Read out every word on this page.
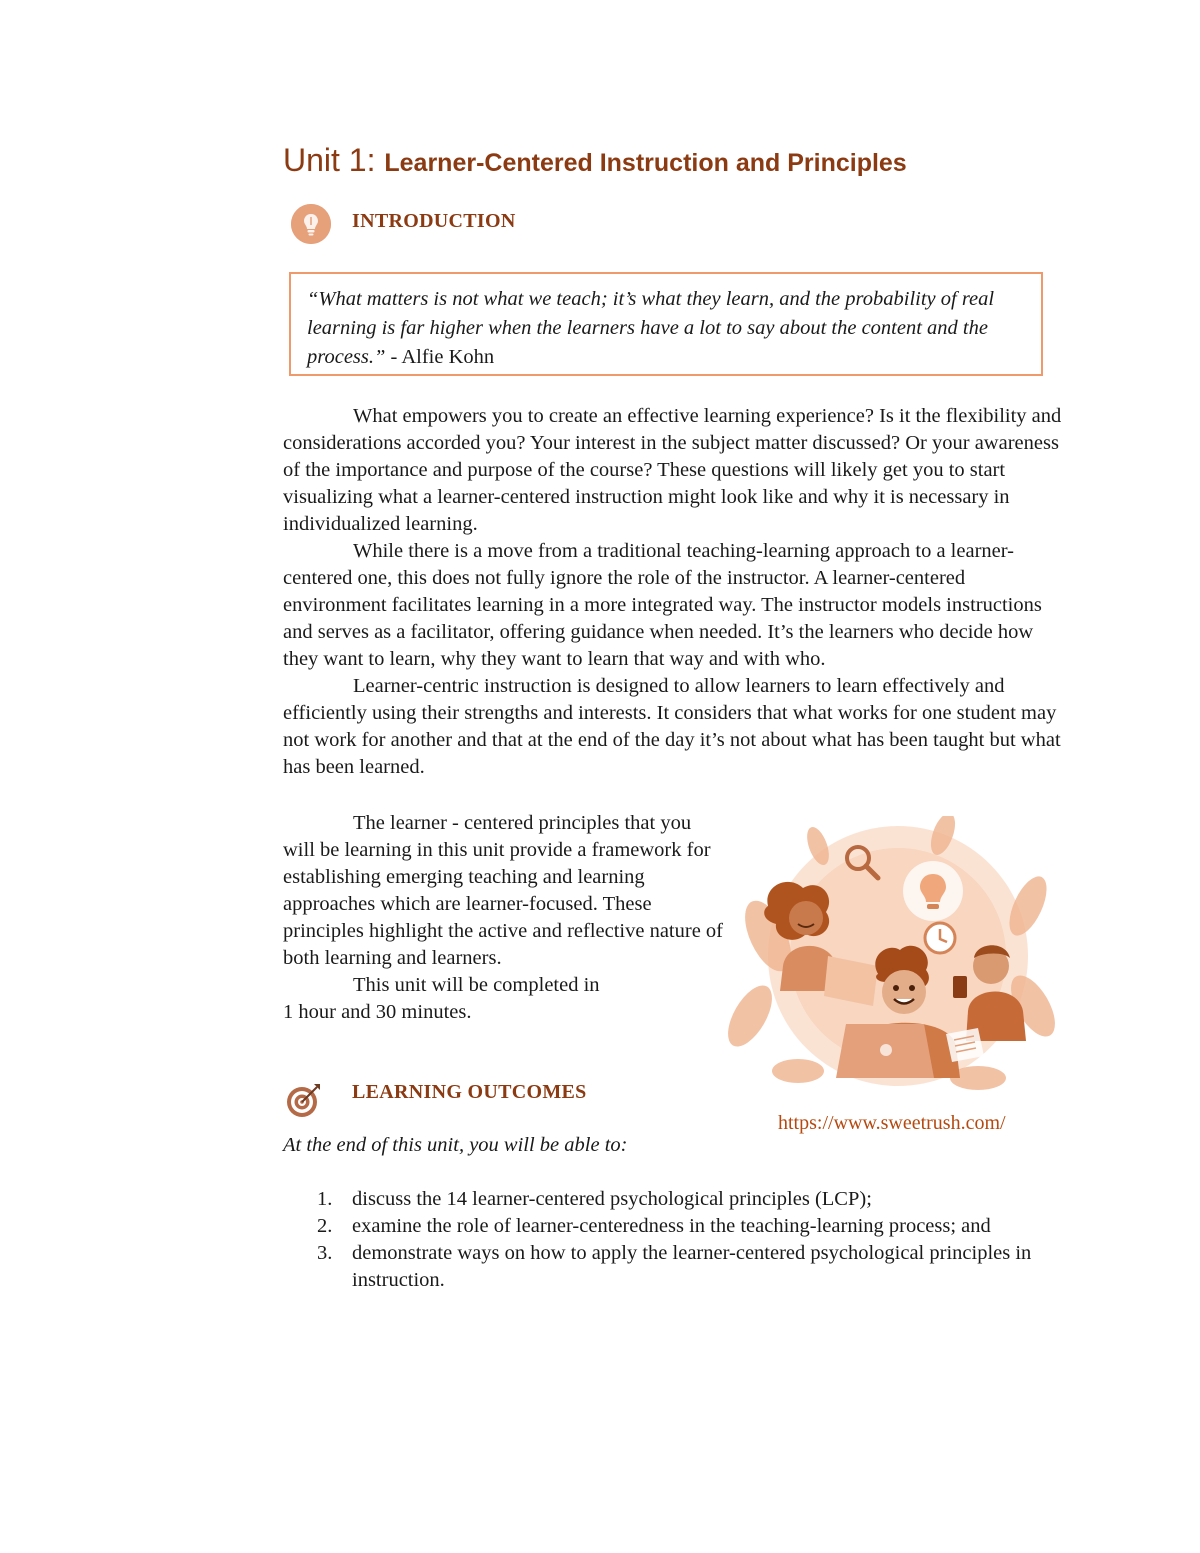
Unit 1: Learner-Centered Instruction and Principles
INTRODUCTION
“What matters is not what we teach; it’s what they learn, and the probability of real learning is far higher when the learners have a lot to say about the content and the process.” - Alfie Kohn

What empowers you to create an effective learning experience? Is it the flexibility and considerations accorded you? Your interest in the subject matter discussed? Or your awareness of the importance and purpose of the course? These questions will likely get you to start visualizing what a learner-centered instruction might look like and why it is necessary in individualized learning.

While there is a move from a traditional teaching-learning approach to a learner-centered one, this does not fully ignore the role of the instructor. A learner-centered environment facilitates learning in a more integrated way. The instructor models instructions and serves as a facilitator, offering guidance when needed. It’s the learners who decide how they want to learn, why they want to learn that way and with who.

Learner-centric instruction is designed to allow learners to learn effectively and efficiently using their strengths and interests. It considers that what works for one student may not work for another and that at the end of the day it’s not about what has been taught but what has been learned.

The learner - centered principles that you will be learning in this unit provide a framework for establishing emerging teaching and learning approaches which are learner-focused. These principles highlight the active and reflective nature of both learning and learners.

This unit will be completed in
1 hour and 30 minutes.

https://www.sweetrush.com/
LEARNING OUTCOMES

At the end of this unit, you will be able to:

1. discuss the 14 learner-centered psychological principles (LCP);
2. examine the role of learner-centeredness in the teaching-learning process; and
3. demonstrate ways on how to apply the learner-centered psychological principles in instruction.
